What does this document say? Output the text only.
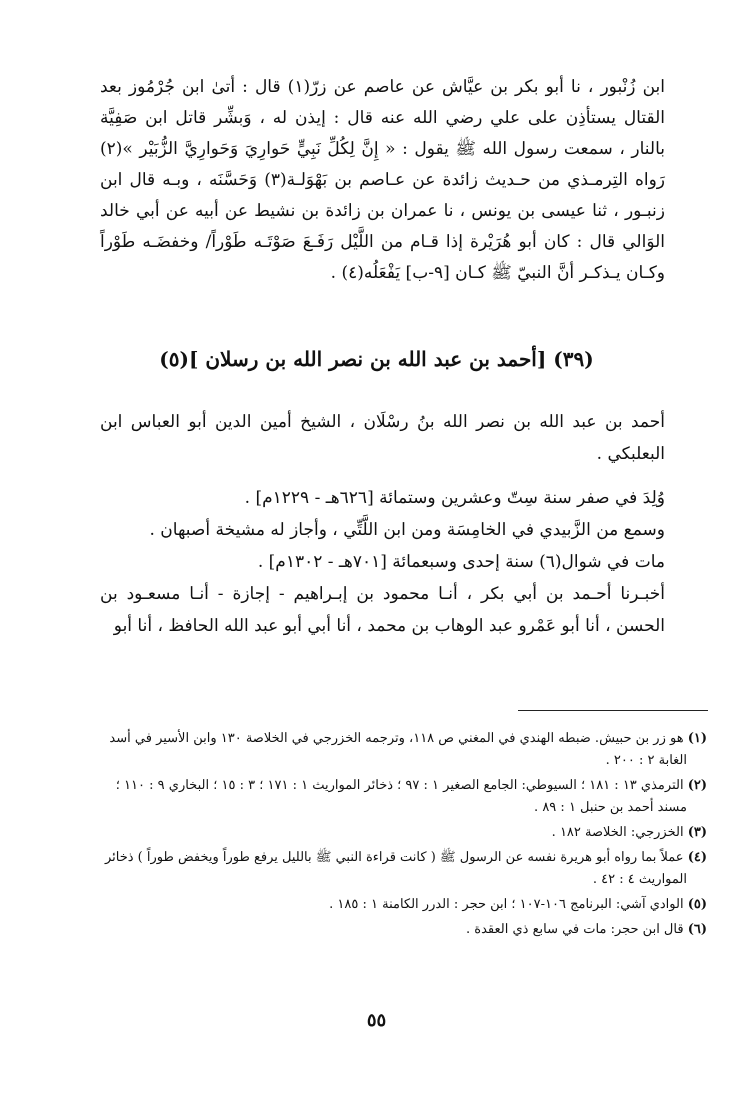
ابن زُنْبور ، نا أبو بكر بن عيَّاش عن عاصم عن زرّ(١) قال : أتىٰ ابن جُرْمُوز بعد القتال يستأذِن على علي رضي الله عنه قال : إيذن له ، وَبشِّر قاتل ابن صَفِيَّة بالنار ، سمعت رسول الله ﷺ يقول : « إِنَّ لِكُلِّ نَبِيٍّ حَوارِيَ وَحَوارِيَّ الزُّبَيْر »(٢) رَواه التِرمـذي من حـديث زائدة عن عـاصم بن بَهْوَلـة(٣) وَحَسَّنَه ، وبـه قال ابن زنبـور ، ثنا عيسى بن يونس ، نا عمران بن زائدة بن نشيط عن أبيه عن أبي خالد الوَالي قال : كان أبو هُرَيْرة إذا قـام من اللَّيْل رَفَـعَ صَوْتَـه طَوْراً/ وخفضَـه طَوْراً وكـان يـذكـر أنَّ النبيّ ﷺ كـان [٩-ب] يَفْعَلُه(٤) .

(٣٩) [أحمد بن عبد الله بن نصر الله بن رسلان ](٥)

أحمد بن عبد الله بن نصر الله بنُ رسْلَان ، الشيخ أمين الدين أبو العباس ابن البعلبكي .

وُلِدَ في صفر سنة سِتّ وعشرين وستمائة [٦٢٦هـ - ١٢٢٩م] .

وسمع من الزَّبيدي في الخامِسَة ومن ابن اللَّتِّي ، وأجاز له مشيخة أصبهان .

مات في شوال(٦) سنة إحدى وسبعمائة [٧٠١هـ - ١٣٠٢م] .

أخبـرنا أحـمد بن أبي بكر ، أنـا محمود بن إبـراهيم - إجازة - أنـا مسعـود بن الحسن ، أنا أبو عَمْرو عبد الوهاب بن محمد ، أنا أبي أبو عبد الله الحافظ ، أنا أبو

(١) هو زر بن حبيش. ضبطه الهندي في المغني ص ١١٨، وترجمه الخزرجي في الخلاصة ١٣٠ وابن الأسير في أسد الغابة ٢ : ٢٠٠ .

(٢) الترمذي ١٣ : ١٨١ ؛ السيوطي: الجامع الصغير ١ : ٩٧ ؛ ذخائر المواريث ١ : ١٧١ ؛ ٣ : ١٥ ؛ البخاري ٩ : ١١٠ ؛ مسند أحمد بن حنبل ١ : ٨٩ .

(٣) الخزرجي: الخلاصة ١٨٢ .

(٤) عملاً بما رواه أبو هريرة نفسه عن الرسول ﷺ ( كانت قراءة النبي ﷺ بالليل يرفع طوراً ويخفض طوراً ) ذخائر المواريث ٤ : ٤٢ .

(٥) الوادي آشي: البرنامج ١٠٦-١٠٧ ؛ ابن حجر : الدرر الكامنة ١ : ١٨٥ .

(٦) قال ابن حجر: مات في سابع ذي العقدة .

٥٥
